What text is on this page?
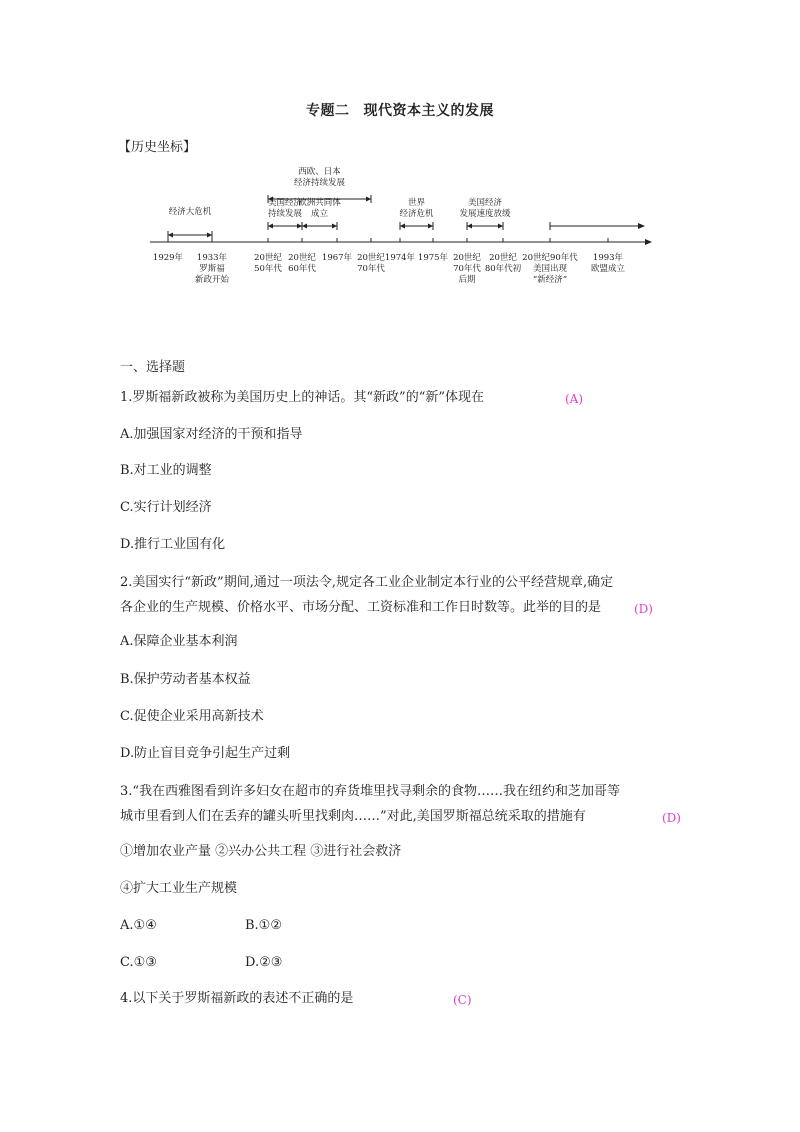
专题二 现代资本主义的发展
【历史坐标】
1929年 1933年
罗斯福
新政开始
20世纪
50年代
20世纪
60年代
1967年 20世纪
70年代
1974年 1975年 20世纪
70年代
后期
20世纪
80年代初
20世纪90年代
美国出现
“新经济”
1993年
欧盟成立
经济大危机
西欧、日本
经济持续发展
美国经济
持续发展
欧洲共同体
成立
世界
经济危机
美国经济
发展速度放缓
一、选择题
1.罗斯福新政被称为美国历史上的神话。其“新政”的“新”体现在	(A)
A.加强国家对经济的干预和指导
B.对工业的调整
C.实行计划经济
D.推行工业国有化
2.美国实行“新政”期间,通过一项法令,规定各工业企业制定本行业的公平经营规章,确定
各企业的生产规模、价格水平、市场分配、工资标准和工作日时数等。此举的目的是	(D)
A.保障企业基本利润
B.保护劳动者基本权益
C.促使企业采用高新技术
D.防止盲目竞争引起生产过剩
3.“我在西雅图看到许多妇女在超市的弃货堆里找寻剩余的食物……我在纽约和芝加哥等
城市里看到人们在丢弃的罐头听里找剩肉……”对此,美国罗斯福总统采取的措施有	(D)
①增加农业产量 ②兴办公共工程 ③进行社会救济
④扩大工业生产规模
A.①④	B.①②
C.①③	D.②③
4.以下关于罗斯福新政的表述不正确的是	(C)
